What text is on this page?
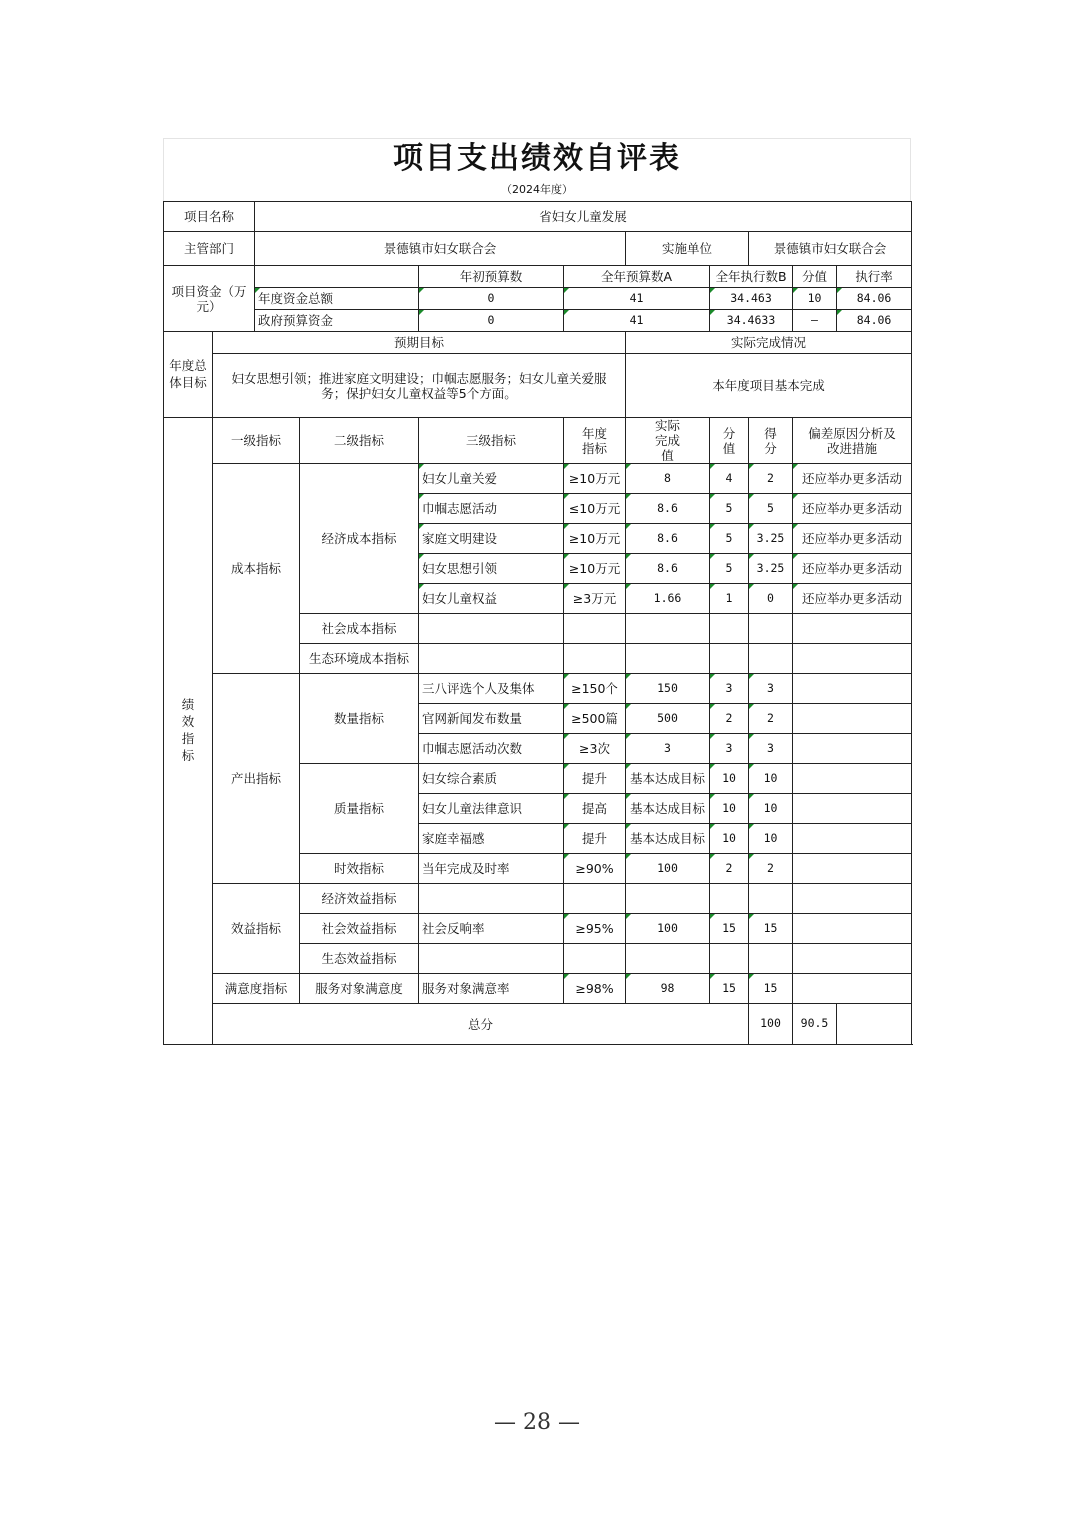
项目支出绩效自评表
（2024年度）
项目名称		省妇女儿童发展									
主管部门		景德镇市妇女联合会				实施单位		景德镇市妇女联合会			
项目资金（万元）				年初预算数	全年预算数A		全年执行数B		分值	执行率	
		年度资金总额		0	41		34.463		10	84.06	
		政府预算资金		0	41		34.4633		—	84.06	
年度总体目标	预期目标					实际完成情况					
	妇女思想引领；推进家庭文明建设；巾帼志愿服务；妇女儿童关爱服务；保护妇女儿童权益等5个方面。					本年度项目基本完成					
绩效指标	一级指标		二级指标	三级指标	年度指标	实际完成值	分值	得分	偏差原因分析及改进措施		
	成本指标		经济成本指标	妇女儿童关爱	≥10万元	8	4	2	还应举办更多活动		
				巾帼志愿活动	≤10万元	8.6	5	5	还应举办更多活动		
				家庭文明建设	≥10万元	8.6	5	3.25	还应举办更多活动		
				妇女思想引领	≥10万元	8.6	5	3.25	还应举办更多活动		
				妇女儿童权益	≥3万元	1.66	1	0	还应举办更多活动		
			社会成本指标								
			生态环境成本指标								
	产出指标		数量指标	三八评选个人及集体	≥150个	150	3	3			
				官网新闻发布数量	≥500篇	500	2	2			
				巾帼志愿活动次数	≥3次	3	3	3			
			质量指标	妇女综合素质	提升	基本达成目标	10	10			
				妇女儿童法律意识	提高	基本达成目标	10	10			
				家庭幸福感	提升	基本达成目标	10	10			
			时效指标	当年完成及时率	≥90%	100	2	2			
	效益指标		经济效益指标								
			社会效益指标	社会反响率	≥95%	100	15	15			
			生态效益指标								
	满意度指标		服务对象满意度	服务对象满意率	≥98%	98	15	15			
	总分							100	90.5		
— 28 —
